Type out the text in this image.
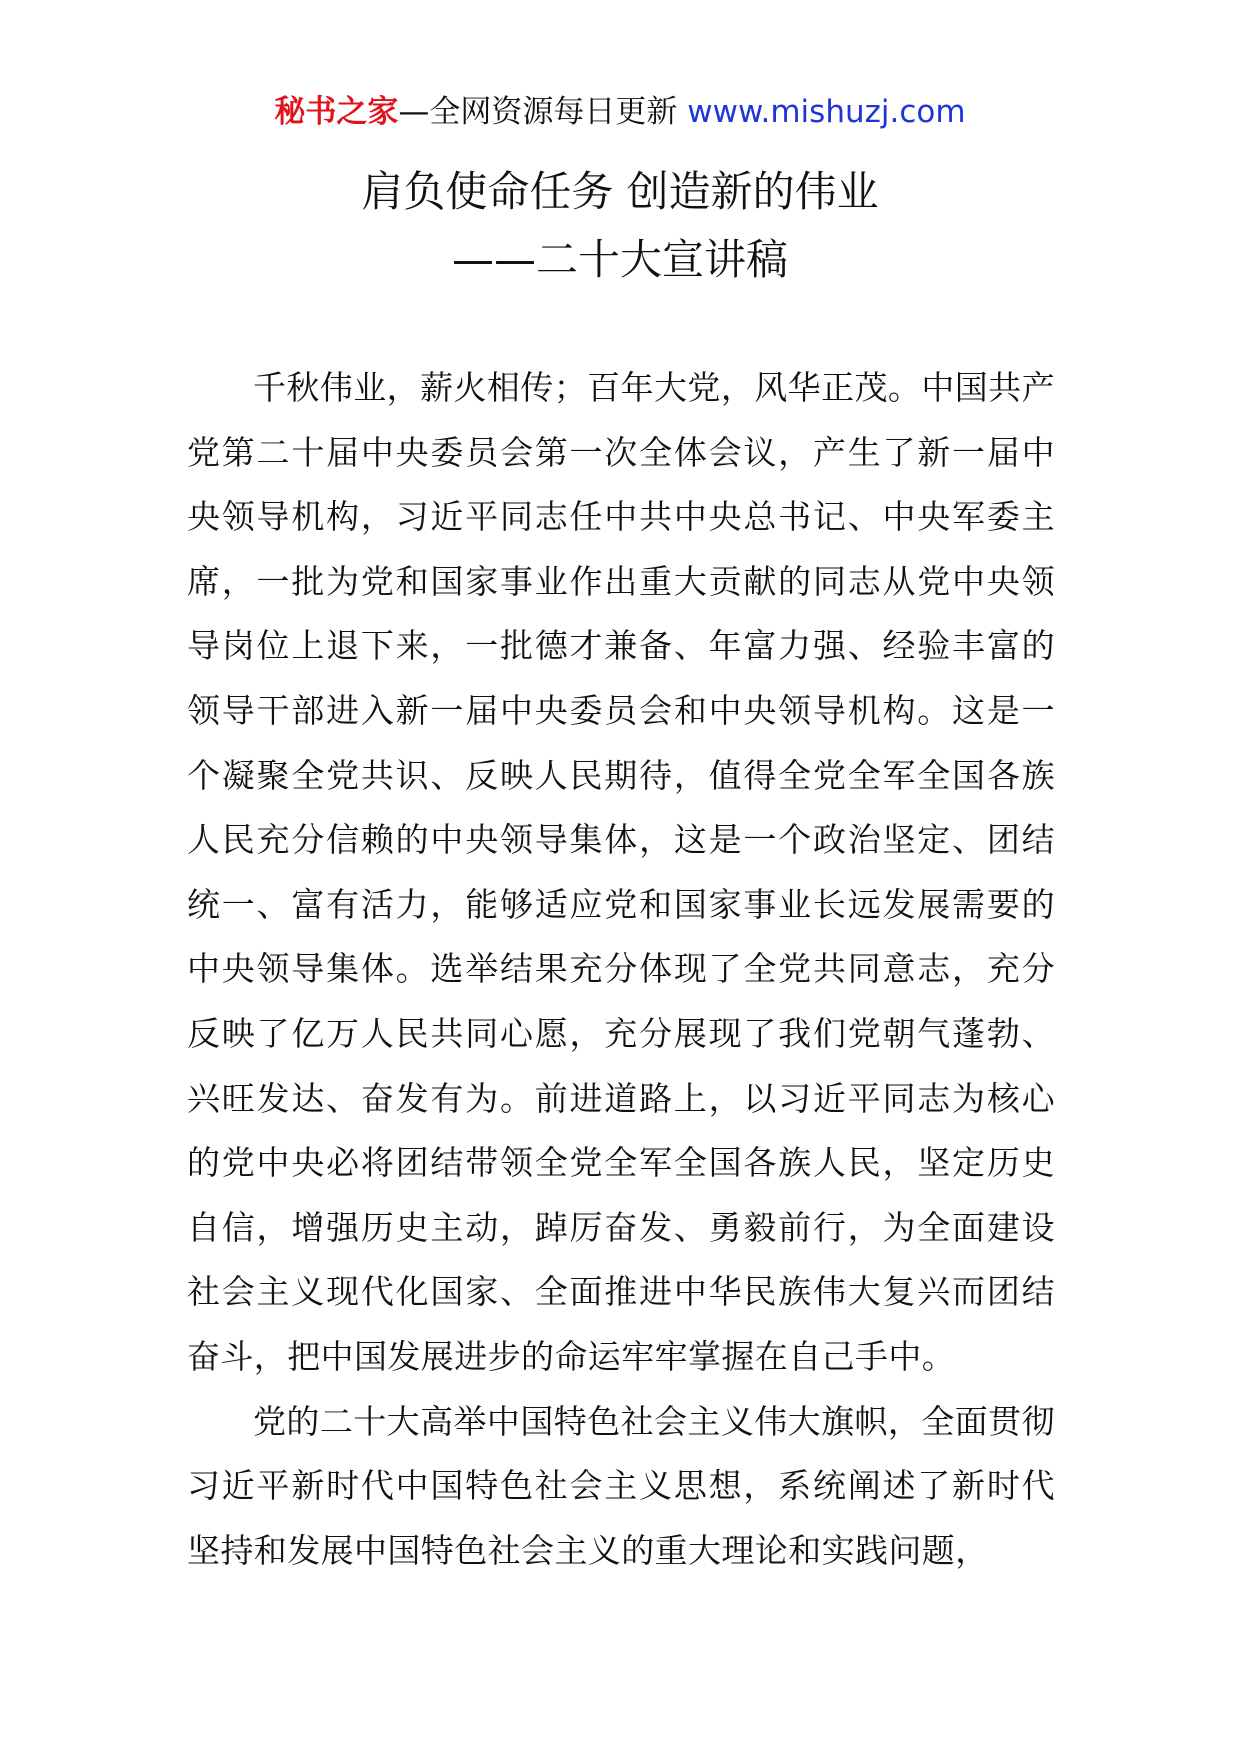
秘书之家—全网资源每日更新 www.mishuzj.com
肩负使命任务 创造新的伟业
——二十大宣讲稿

千秋伟业，薪火相传；百年大党，风华正茂。中国共产党第二十届中央委员会第一次全体会议，产生了新一届中央领导机构，习近平同志任中共中央总书记、中央军委主席，一批为党和国家事业作出重大贡献的同志从党中央领导岗位上退下来，一批德才兼备、年富力强、经验丰富的领导干部进入新一届中央委员会和中央领导机构。这是一个凝聚全党共识、反映人民期待，值得全党全军全国各族人民充分信赖的中央领导集体，这是一个政治坚定、团结统一、富有活力，能够适应党和国家事业长远发展需要的中央领导集体。选举结果充分体现了全党共同意志，充分反映了亿万人民共同心愿，充分展现了我们党朝气蓬勃、兴旺发达、奋发有为。前进道路上，以习近平同志为核心的党中央必将团结带领全党全军全国各族人民，坚定历史自信，增强历史主动，踔厉奋发、勇毅前行，为全面建设社会主义现代化国家、全面推进中华民族伟大复兴而团结奋斗，把中国发展进步的命运牢牢掌握在自己手中。

党的二十大高举中国特色社会主义伟大旗帜，全面贯彻习近平新时代中国特色社会主义思想，系统阐述了新时代坚持和发展中国特色社会主义的重大理论和实践问题，
